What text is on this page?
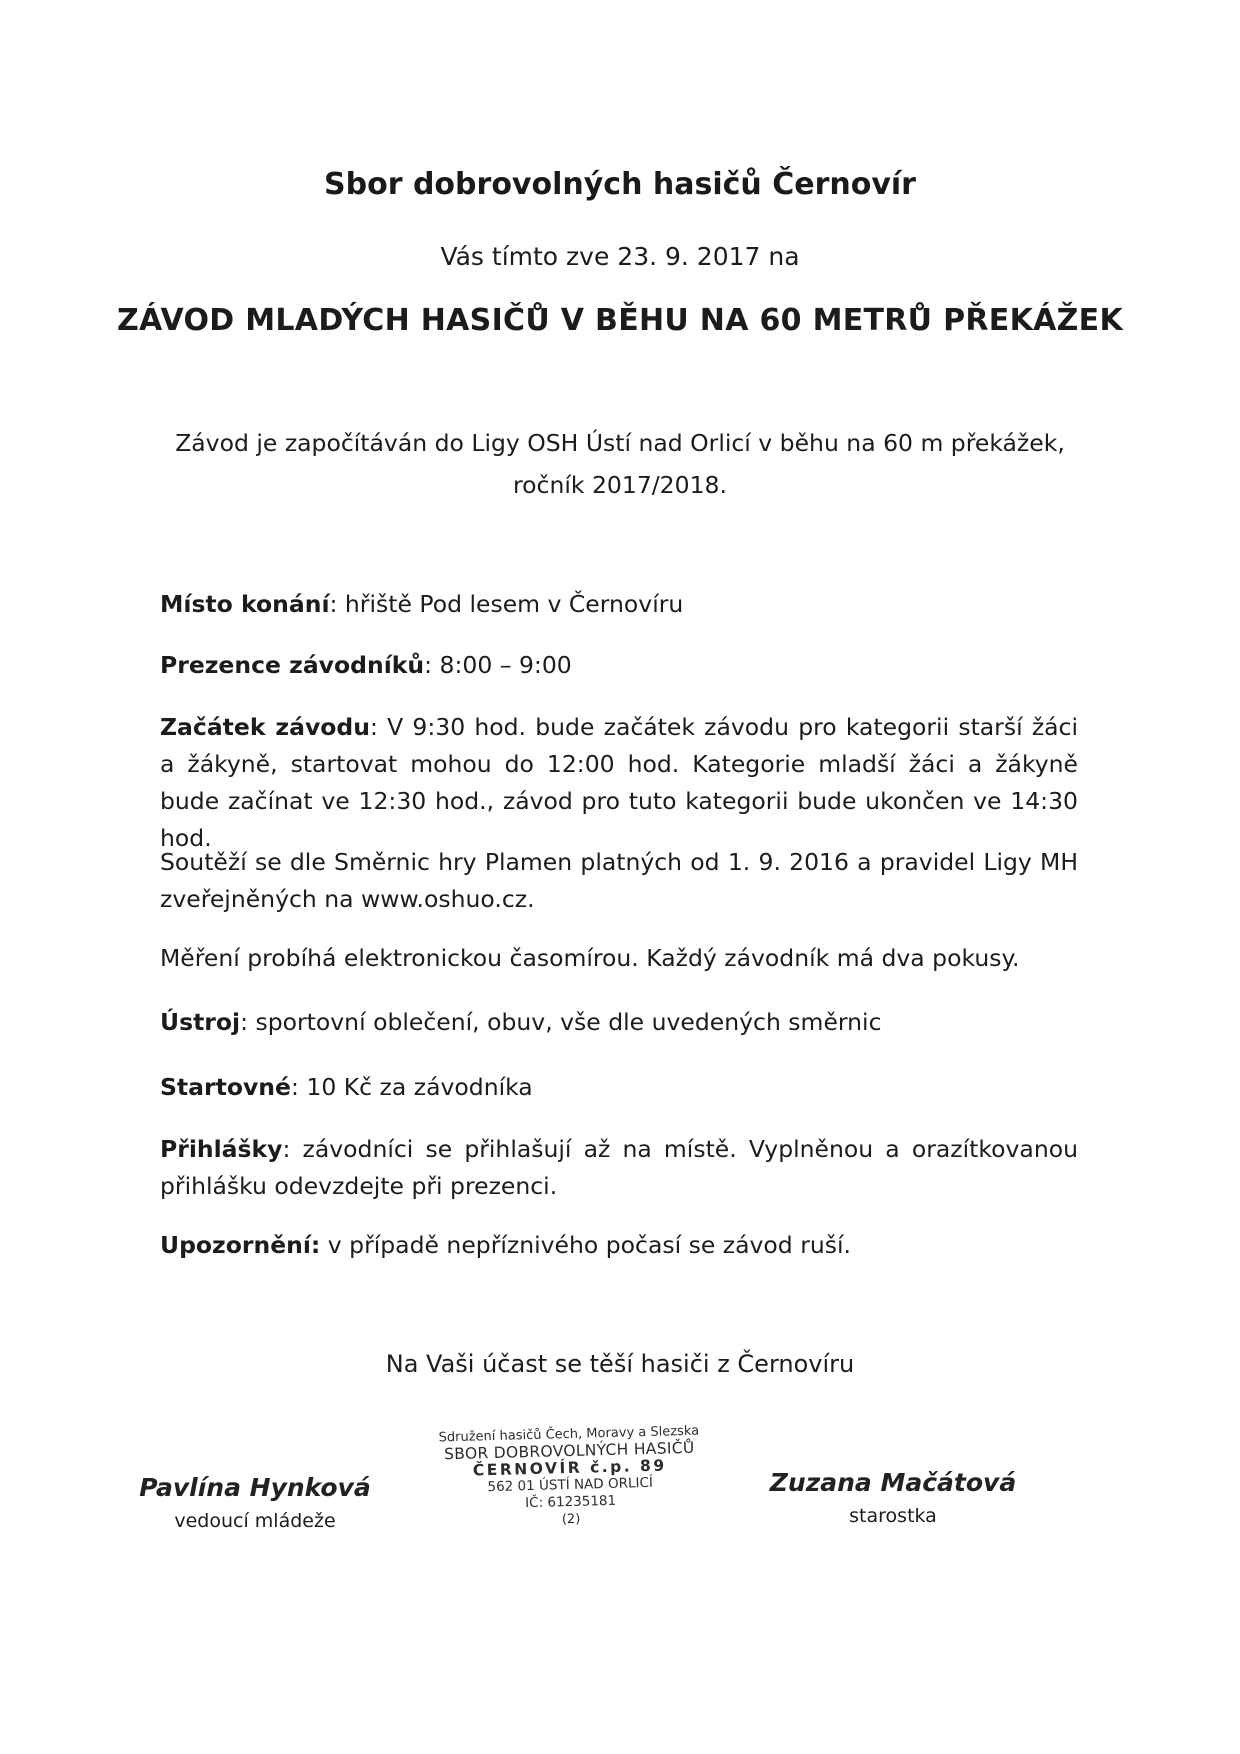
Sbor dobrovolných hasičů Černovír
Vás tímto zve 23. 9. 2017 na
ZÁVOD MLADÝCH HASIČŮ V BĚHU NA 60 METRŮ PŘEKÁŽEK
Závod je započítáván do Ligy OSH Ústí nad Orlicí v běhu na 60 m překážek,
ročník 2017/2018.
Místo konání: hřiště Pod lesem v Černovíru
Prezence závodníků: 8:00 – 9:00
Začátek závodu: V 9:30 hod. bude začátek závodu pro kategorii starší žáci a žákyně, startovat mohou do 12:00 hod. Kategorie mladší žáci a žákyně bude začínat ve 12:30 hod., závod pro tuto kategorii bude ukončen ve 14:30 hod.
Soutěží se dle Směrnic hry Plamen platných od 1. 9. 2016 a pravidel Ligy MH zveřejněných na www.oshuo.cz.
Měření probíhá elektronickou časomírou. Každý závodník má dva pokusy.
Ústroj: sportovní oblečení, obuv, vše dle uvedených směrnic
Startovné: 10 Kč za závodníka
Přihlášky: závodníci se přihlašují až na místě. Vyplněnou a orazítkovanou přihlášku odevzdejte při prezenci.
Upozornění: v případě nepříznivého počasí se závod ruší.
Na Vaši účast se těší hasiči z Černovíru
Pavlína Hynková
vedoucí mládeže
Sdružení hasičů Čech, Moravy a Slezska
SBOR DOBROVOLNÝCH HASIČŮ
ČERNOVÍR č.p. 89
562 01 ÚSTÍ NAD ORLICÍ
IČ: 61235181
(2)
Zuzana Mačátová
starostka
